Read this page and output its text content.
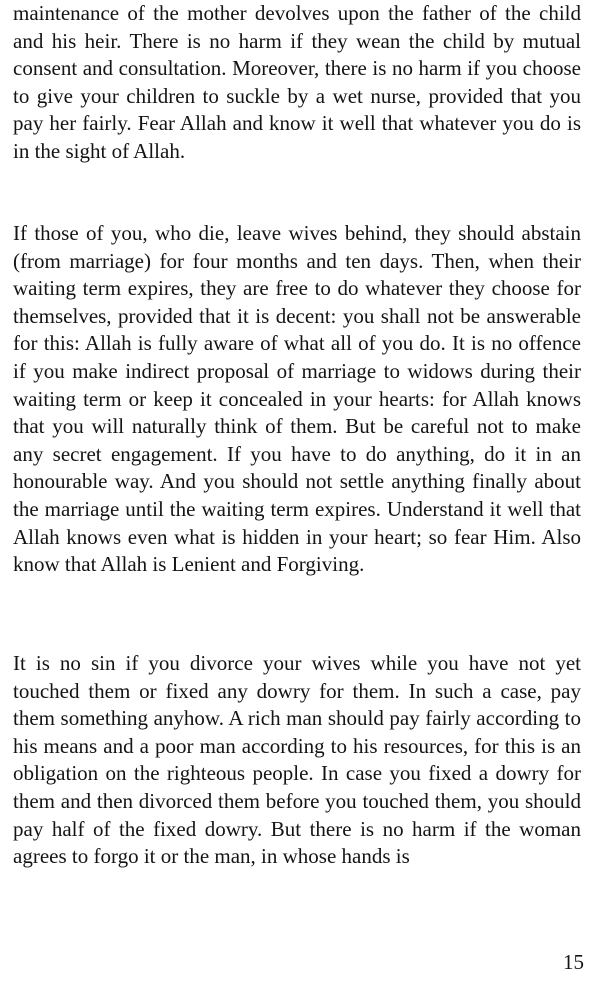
maintenance of the mother devolves upon the father of the child and his heir. There is no harm if they wean the child by mutual consent and consultation. Moreover, there is no harm if you choose to give your children to suckle by a wet nurse, provided that you pay her fairly. Fear Allah and know it well that whatever you do is in the sight of Allah.

If those of you, who die, leave wives behind, they should abstain (from marriage) for four months and ten days. Then, when their waiting term expires, they are free to do whatever they choose for themselves, provided that it is decent: you shall not be answerable for this: Allah is fully aware of what all of you do. It is no offence if you make indirect proposal of marriage to widows during their waiting term or keep it concealed in your hearts: for Allah knows that you will naturally think of them. But be careful not to make any secret engagement. If you have to do anything, do it in an honourable way. And you should not settle anything finally about the marriage until the waiting term expires. Understand it well that Allah knows even what is hidden in your heart; so fear Him. Also know that Allah is Lenient and Forgiving.

It is no sin if you divorce your wives while you have not yet touched them or fixed any dowry for them. In such a case, pay them something anyhow. A rich man should pay fairly according to his means and a poor man according to his resources, for this is an obligation on the righteous people. In case you fixed a dowry for them and then divorced them before you touched them, you should pay half of the fixed dowry. But there is no harm if the woman agrees to forgo it or the man, in whose hands is

15
